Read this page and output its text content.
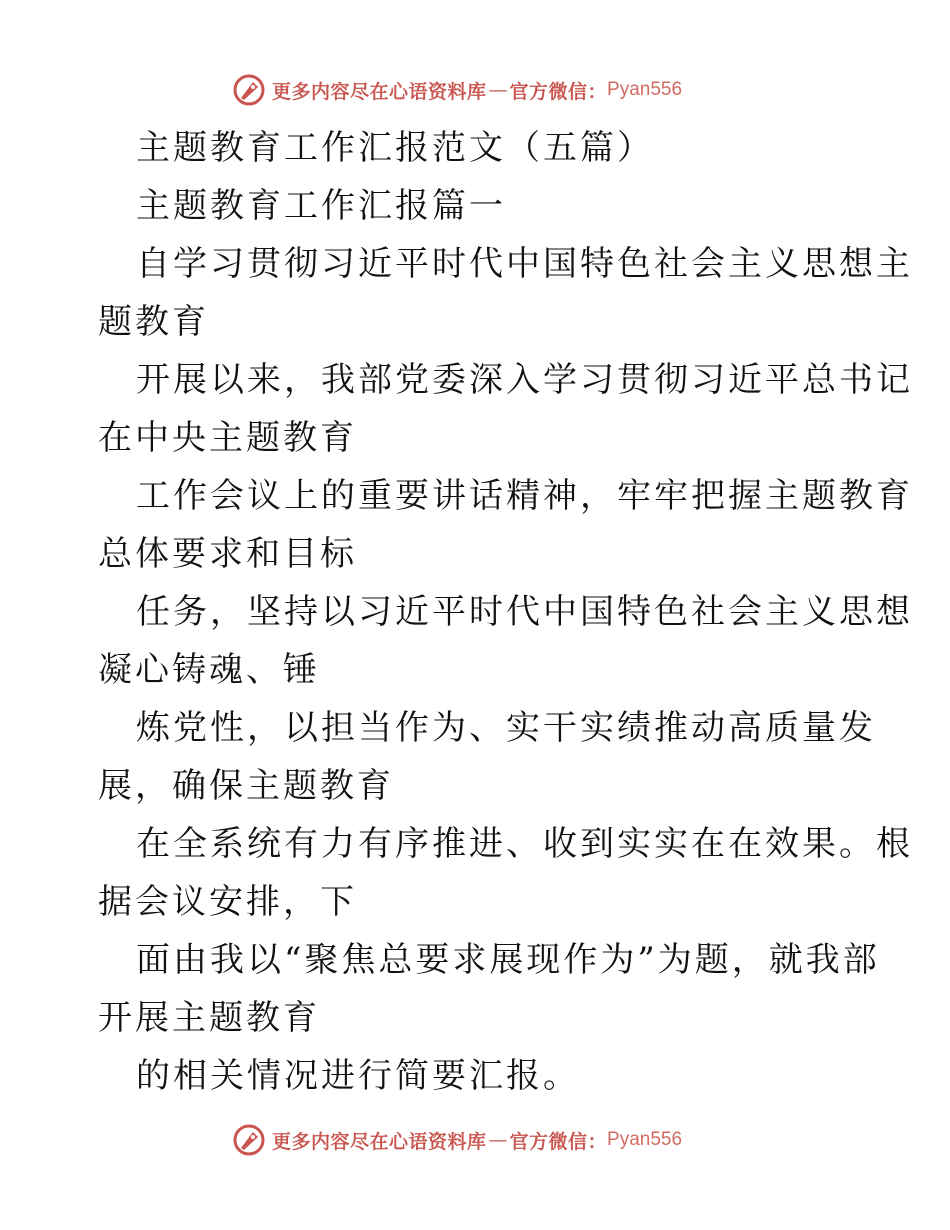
更多内容尽在心语资料库 — 官方微信： Pyan556
主题教育工作汇报范文（五篇）
主题教育工作汇报篇一
自学习贯彻习近平时代中国特色社会主义思想主
题教育
开展以来，我部党委深入学习贯彻习近平总书记
在中央主题教育
工作会议上的重要讲话精神，牢牢把握主题教育
总体要求和目标
任务，坚持以习近平时代中国特色社会主义思想
凝心铸魂、锤
炼党性，以担当作为、实干实绩推动高质量发
展，确保主题教育
在全系统有力有序推进、收到实实在在效果。根
据会议安排，下
面由我以“聚焦总要求展现作为”为题，就我部
开展主题教育
的相关情况进行简要汇报。
更多内容尽在心语资料库 — 官方微信： Pyan556
